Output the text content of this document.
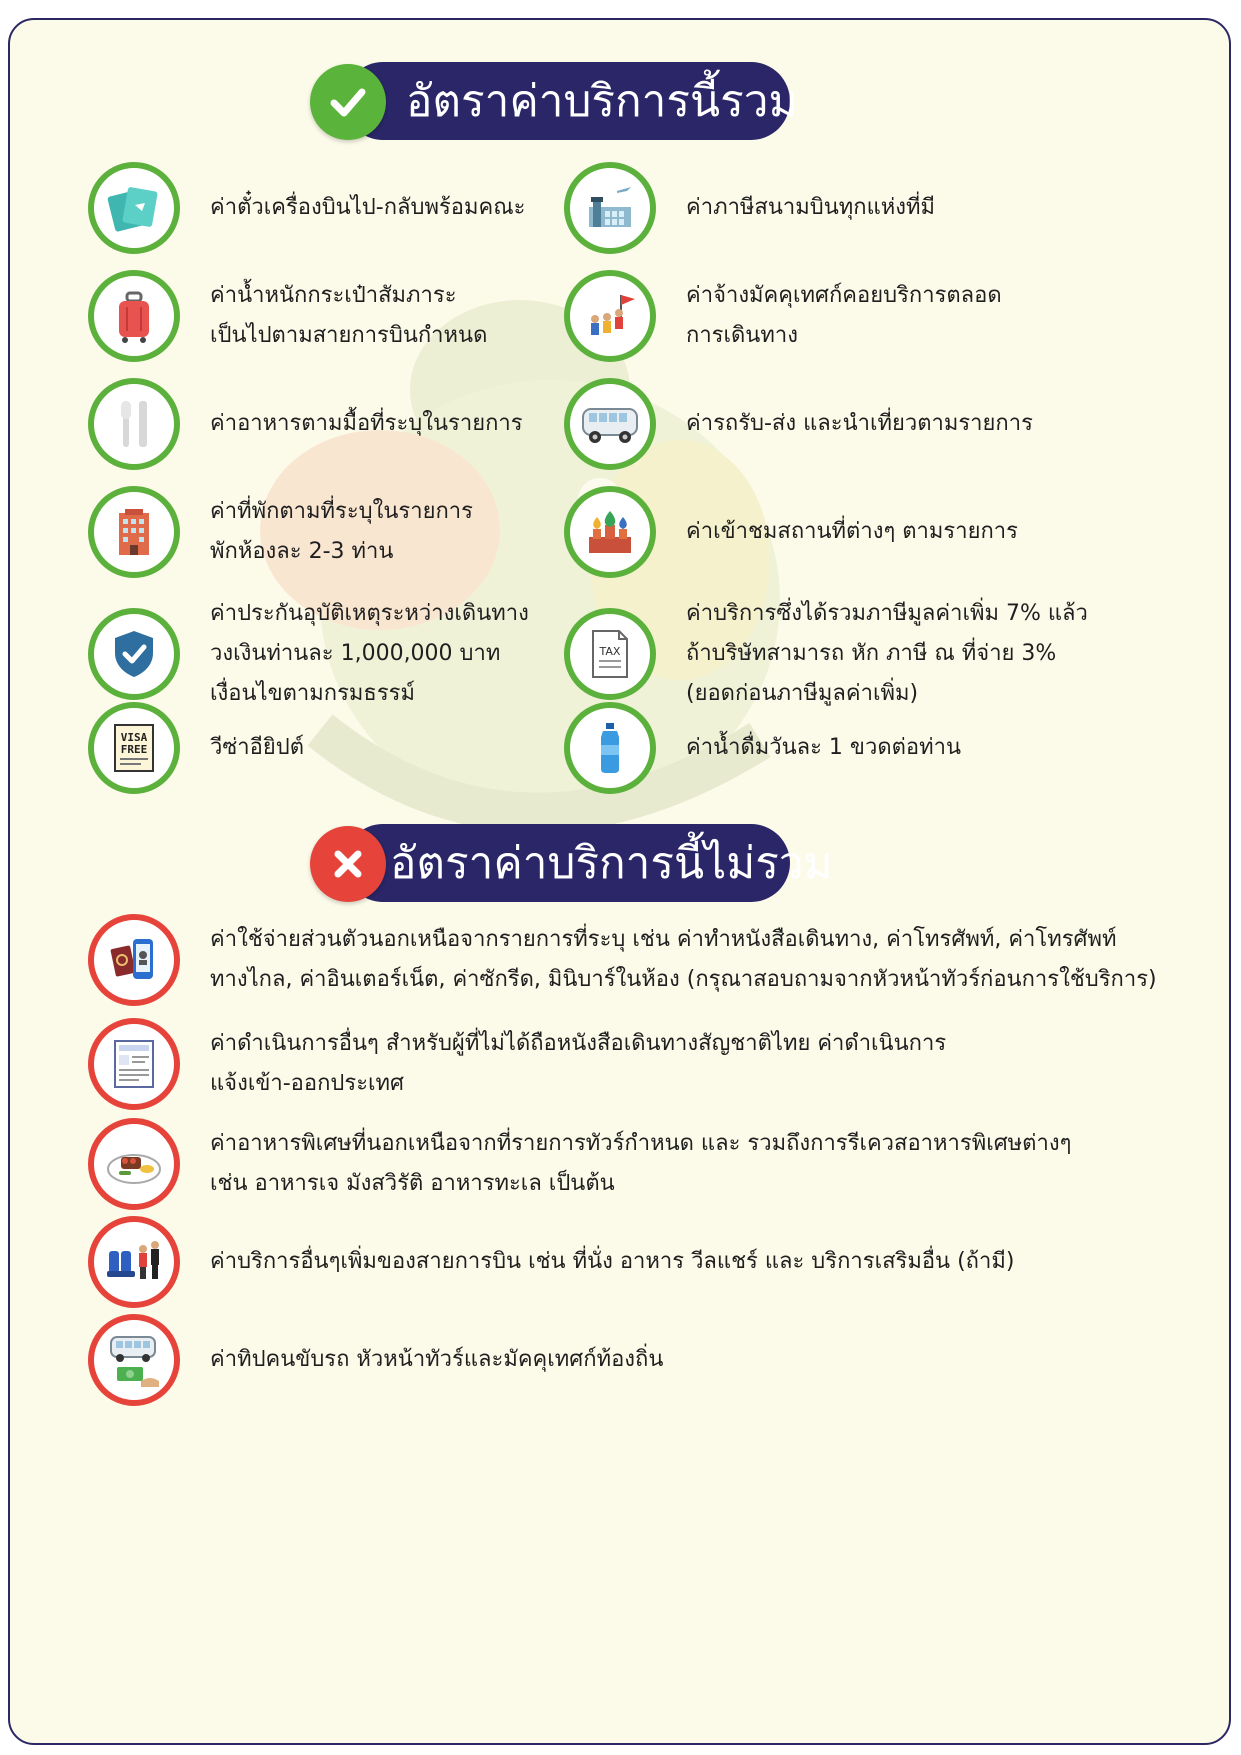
อัตราค่าบริการนี้รวม
ค่าตั๋วเครื่องบินไป-กลับพร้อมคณะ
ค่าน้ำหนักกระเป๋าสัมภาระ
เป็นไปตามสายการบินกำหนด
ค่าอาหารตามมื้อที่ระบุในรายการ
ค่าที่พักตามที่ระบุในรายการ
พักห้องละ 2-3 ท่าน
ค่าประกันอุบัติเหตุระหว่างเดินทาง
วงเงินท่านละ 1,000,000 บาท
เงื่อนไขตามกรมธรรม์
VISA
FREE	วีซ่าอียิปต์
ค่าภาษีสนามบินทุกแห่งที่มี
ค่าจ้างมัคคุเทศก์คอยบริการตลอด
การเดินทาง
ค่ารถรับ-ส่ง และนำเที่ยวตามรายการ
ค่าเข้าชมสถานที่ต่างๆ ตามรายการ
TAX
ค่าบริการซึ่งได้รวมภาษีมูลค่าเพิ่ม 7% แล้ว
ถ้าบริษัทสามารถ หัก ภาษี ณ ที่จ่าย 3%
(ยอดก่อนภาษีมูลค่าเพิ่ม)
ค่าน้ำดื่มวันละ 1 ขวดต่อท่าน
อัตราค่าบริการนี้ไม่รวม
ค่าใช้จ่ายส่วนตัวนอกเหนือจากรายการที่ระบุ เช่น ค่าทำหนังสือเดินทาง, ค่าโทรศัพท์, ค่าโทรศัพท์
ทางไกล, ค่าอินเตอร์เน็ต, ค่าซักรีด, มินิบาร์ในห้อง (กรุณาสอบถามจากหัวหน้าทัวร์ก่อนการใช้บริการ)
ค่าดำเนินการอื่นๆ สำหรับผู้ที่ไม่ได้ถือหนังสือเดินทางสัญชาติไทย ค่าดำเนินการ
แจ้งเข้า-ออกประเทศ
ค่าอาหารพิเศษที่นอกเหนือจากที่รายการทัวร์กำหนด และ รวมถึงการรีเควสอาหารพิเศษต่างๆ
เช่น อาหารเจ มังสวิรัติ อาหารทะเล เป็นต้น
ค่าบริการอื่นๆเพิ่มของสายการบิน เช่น ที่นั่ง อาหาร วีลแชร์ และ บริการเสริมอื่น (ถ้ามี)
ค่าทิปคนขับรถ หัวหน้าทัวร์และมัคคุเทศก์ท้องถิ่น
